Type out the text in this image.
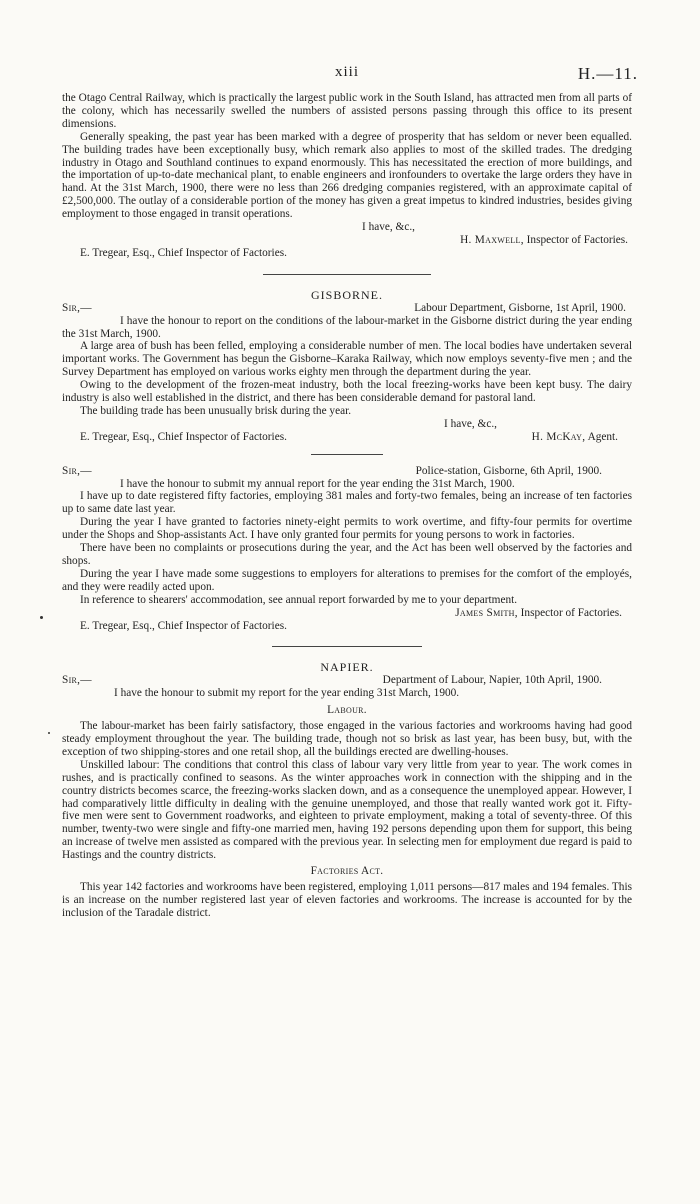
xiii	H.—11.

the Otago Central Railway, which is practically the largest public work in the South Island, has attracted men from all parts of the colony, which has necessarily swelled the numbers of assisted persons passing through this office to its present dimensions.

Generally speaking, the past year has been marked with a degree of prosperity that has seldom or never been equalled. The building trades have been exceptionally busy, which remark also applies to most of the skilled trades. The dredging industry in Otago and Southland continues to expand enormously. This has necessitated the erection of more buildings, and the importation of up-to-date mechanical plant, to enable engineers and ironfounders to overtake the large orders they have in hand. At the 31st March, 1900, there were no less than 266 dredging companies registered, with an approximate capital of £2,500,000. The outlay of a considerable portion of the money has given a great impetus to kindred industries, besides giving employment to those engaged in transit operations.

I have, &c.,

H. Maxwell, Inspector of Factories.

E. Tregear, Esq., Chief Inspector of Factories.

GISBORNE.

Sir,—	Labour Department, Gisborne, 1st April, 1900.

I have the honour to report on the conditions of the labour-market in the Gisborne district during the year ending the 31st March, 1900.

A large area of bush has been felled, employing a considerable number of men. The local bodies have undertaken several important works. The Government has begun the Gisborne–Karaka Railway, which now employs seventy-five men ; and the Survey Department has employed on various works eighty men through the department during the year.

Owing to the development of the frozen-meat industry, both the local freezing-works have been kept busy. The dairy industry is also well established in the district, and there has been considerable demand for pastoral land.

The building trade has been unusually brisk during the year.

I have, &c.,

E. Tregear, Esq., Chief Inspector of Factories.	H. McKay, Agent.
Sir,—	Police-station, Gisborne, 6th April, 1900.

I have the honour to submit my annual report for the year ending the 31st March, 1900.

I have up to date registered fifty factories, employing 381 males and forty-two females, being an increase of ten factories up to same date last year.

During the year I have granted to factories ninety-eight permits to work overtime, and fifty-four permits for overtime under the Shops and Shop-assistants Act. I have only granted four permits for young persons to work in factories.

There have been no complaints or prosecutions during the year, and the Act has been well observed by the factories and shops.

During the year I have made some suggestions to employers for alterations to premises for the comfort of the employés, and they were readily acted upon.

In reference to shearers' accommodation, see annual report forwarded by me to your department.

James Smith, Inspector of Factories.

E. Tregear, Esq., Chief Inspector of Factories.

NAPIER.

Sir,—	Department of Labour, Napier, 10th April, 1900.

I have the honour to submit my report for the year ending 31st March, 1900.

Labour.

The labour-market has been fairly satisfactory, those engaged in the various factories and workrooms having had good steady employment throughout the year. The building trade, though not so brisk as last year, has been busy, but, with the exception of two shipping-stores and one retail shop, all the buildings erected are dwelling-houses.

Unskilled labour: The conditions that control this class of labour vary very little from year to year. The work comes in rushes, and is practically confined to seasons. As the winter approaches work in connection with the shipping and in the country districts becomes scarce, the freezing-works slacken down, and as a consequence the unemployed appear. However, I had comparatively little difficulty in dealing with the genuine unemployed, and those that really wanted work got it. Fifty-five men were sent to Government roadworks, and eighteen to private employment, making a total of seventy-three. Of this number, twenty-two were single and fifty-one married men, having 192 persons depending upon them for support, this being an increase of twelve men assisted as compared with the previous year. In selecting men for employment due regard is paid to Hastings and the country districts.

Factories Act.

This year 142 factories and workrooms have been registered, employing 1,011 persons—817 males and 194 females. This is an increase on the number registered last year of eleven factories and workrooms. The increase is accounted for by the inclusion of the Taradale district.
